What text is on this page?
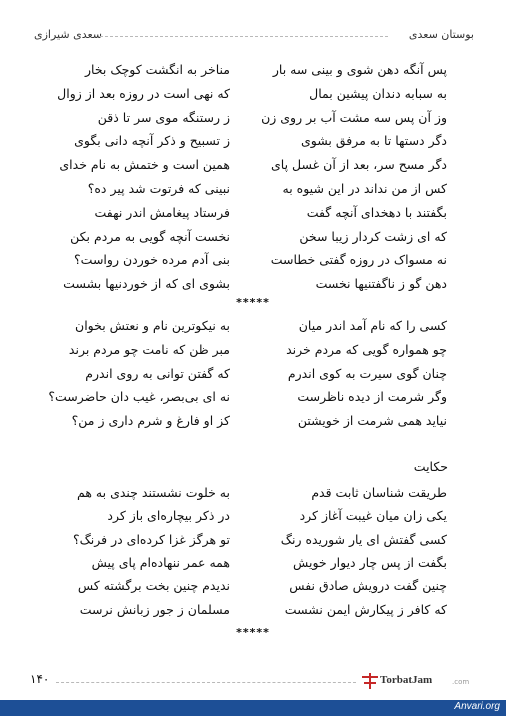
سعدی شیرازی	بوستان سعدی
پس آنگه دهن شوی و بینی سه بار
مناخر به انگشت کوچک بخار
به سبابه دندان پیشین بمال
که نهی است در روزه بعد از زوال
وز آن پس سه مشت آب بر روی زن
ز رستنگه موی سر تا ذقن
دگر دستها تا به مرفق بشوی
ز تسبیح و ذکر آنچه دانی بگوی
دگر مسح سر، بعد از آن غسل پای
همین است و ختمش به نام خدای
کس از من نداند در این شیوه به
نبینی که فرتوت شد پیر ده؟
بگفتند با دهخدای آنچه گفت
فرستاد پیغامش اندر نهفت
که ای زشت کردار زیبا سخن
نخست آنچه گویی به مردم بکن
نه مسواک در روزه گفتی خطاست
بنی آدم مرده خوردن رواست؟
دهن گو ز ناگفتنیها نخست
بشوی ای که از خوردنیها بشست
*****
کسی را که نام آمد اندر میان
به نیکوترین نام و نعتش بخوان
چو همواره گویی که مردم خرند
مبر ظن که نامت چو مردم برند
چنان گوی سیرت به کوی اندرم
که گفتن توانی به روی اندرم
وگر شرمت از دیده ناظرست
نه ای بی‌بصر، غیب دان حاضرست؟
نیاید همی شرمت از خویشتن
کز او فارغ و شرم داری ز من؟
حکایت
طریقت شناسان ثابت قدم
به خلوت نشستند چندی به هم
یکی زان میان غیبت آغاز کرد
در ذکر بیچاره‌ای باز کرد
کسی گفتش ای یار شوریده رنگ
تو هرگز غزا کرده‌ای در فرنگ؟
بگفت از پس چار دیوار خویش
همه عمر ننهاده‌ام پای پیش
چنین گفت درویش صادق نفس
ندیدم چنین بخت برگشته کس
که کافر ز پیکارش ایمن نشست
مسلمان ز جور زبانش نرست
*****
۱۴۰	TorbatJam	.com
Anvari.org
